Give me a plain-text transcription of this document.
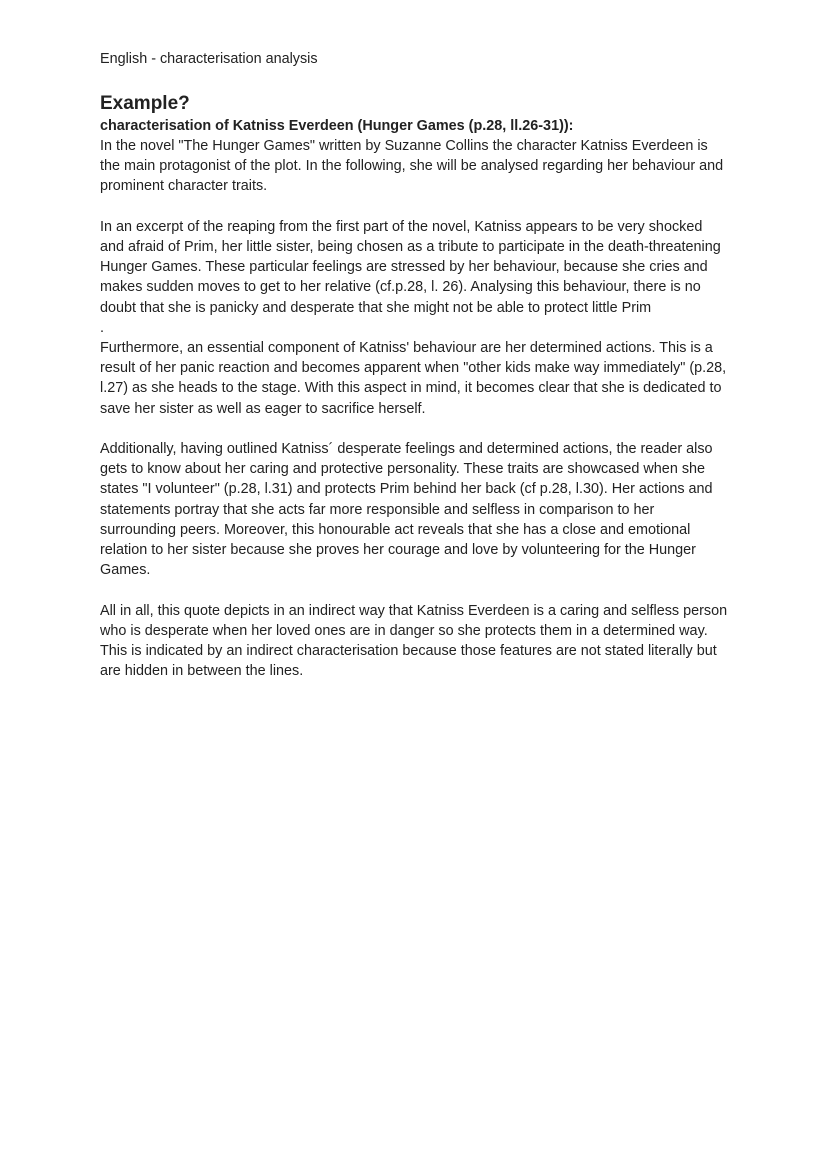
English - characterisation analysis
Example?
characterisation of Katniss Everdeen (Hunger Games (p.28, ll.26-31)):

In the novel "The Hunger Games" written by Suzanne Collins the character Katniss Everdeen is the main protagonist of the plot. In the following, she will be analysed regarding her behaviour and prominent character traits.

In an excerpt of the reaping from the first part of the novel, Katniss appears to be very shocked and afraid of Prim, her little sister, being chosen as a tribute to participate in the death-threatening Hunger Games. These particular feelings are stressed by her behaviour, because she cries and makes sudden moves to get to her relative (cf.p.28, l. 26). Analysing this behaviour, there is no doubt that she is panicky and desperate that she might not be able to protect little Prim

.

Furthermore, an essential component of Katniss' behaviour are her determined actions. This is a result of her panic reaction and becomes apparent when "other kids make way immediately" (p.28, l.27) as she heads to the stage. With this aspect in mind, it becomes clear that she is dedicated to save her sister as well as eager to sacrifice herself.

Additionally, having outlined Katniss´ desperate feelings and determined actions, the reader also gets to know about her caring and protective personality. These traits are showcased when she states "I volunteer" (p.28, l.31) and protects Prim behind her back (cf p.28, l.30). Her actions and statements portray that she acts far more responsible and selfless in comparison to her surrounding peers. Moreover, this honourable act reveals that she has a close and emotional relation to her sister because she proves her courage and love by volunteering for the Hunger Games.

All in all, this quote depicts in an indirect way that Katniss Everdeen is a caring and selfless person who is desperate when her loved ones are in danger so she protects them in a determined way. This is indicated by an indirect characterisation because those features are not stated literally but are hidden in between the lines.
